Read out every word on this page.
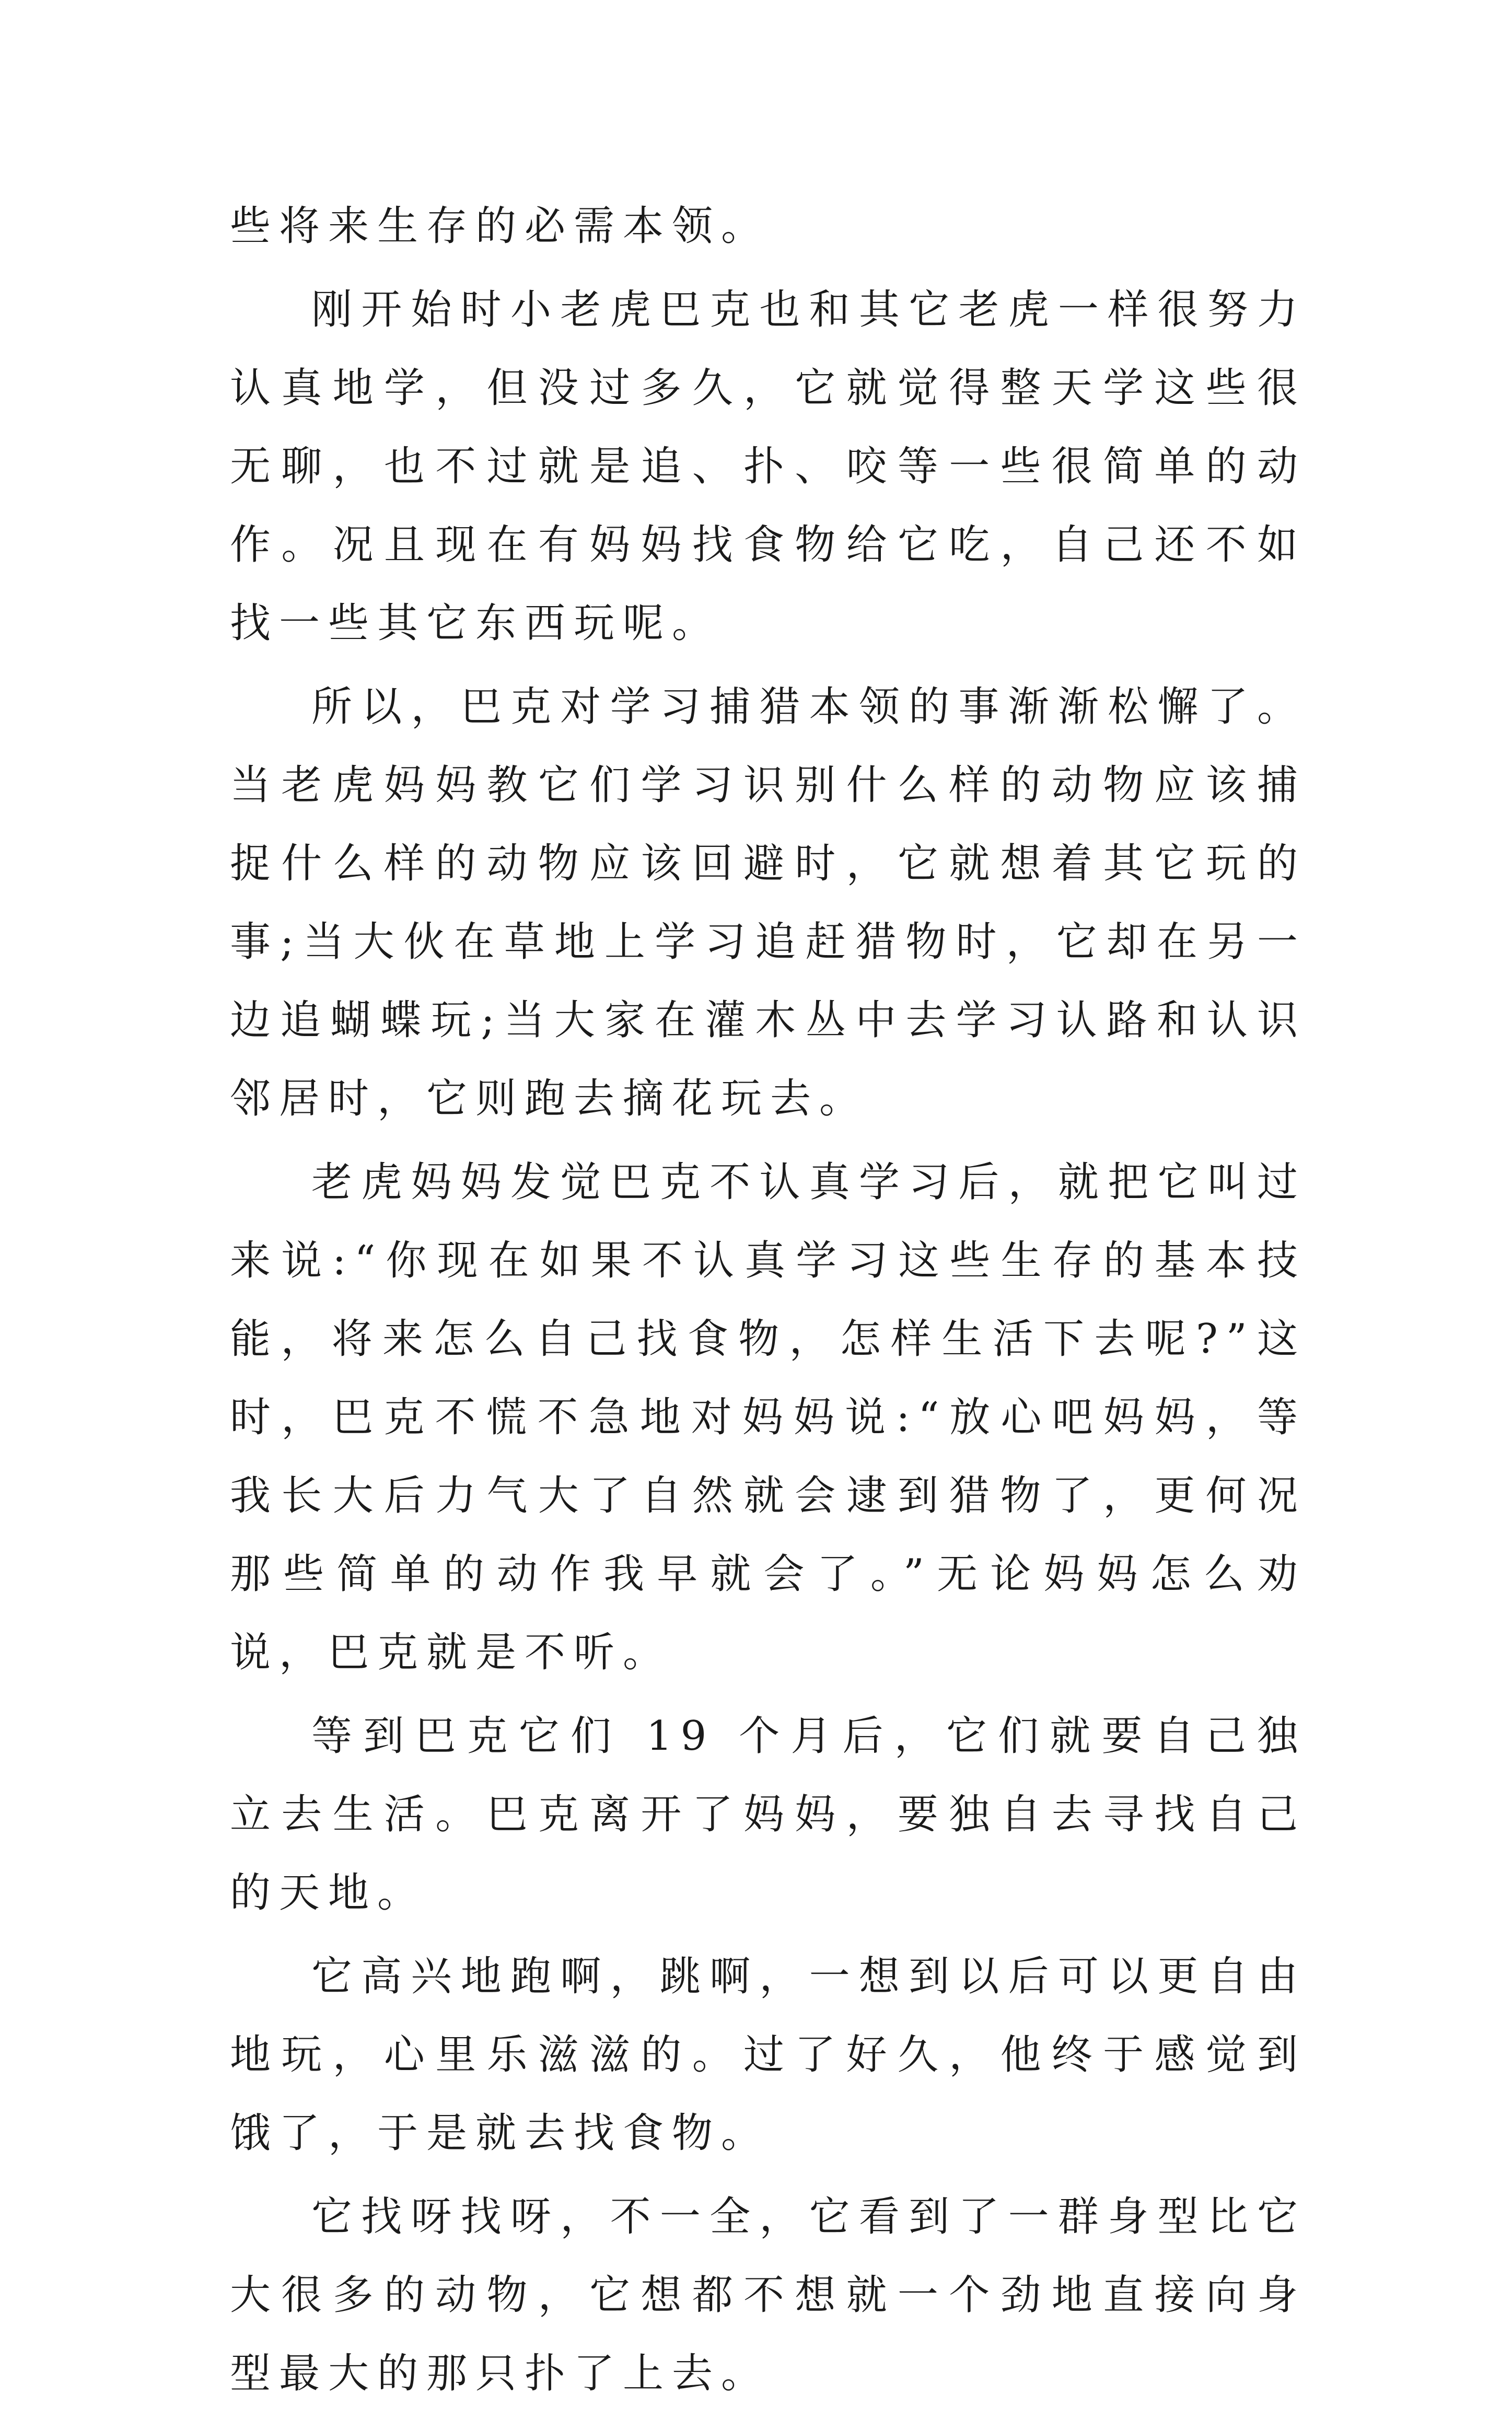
些将来生存的必需本领。

刚开始时小老虎巴克也和其它老虎一样很努力认真地学，但没过多久，它就觉得整天学这些很无聊，也不过就是追、扑、咬等一些很简单的动作。况且现在有妈妈找食物给它吃，自己还不如找一些其它东西玩呢。

所以，巴克对学习捕猎本领的事渐渐松懈了。当老虎妈妈教它们学习识别什么样的动物应该捕捉什么样的动物应该回避时，它就想着其它玩的事;当大伙在草地上学习追赶猎物时，它却在另一边追蝴蝶玩;当大家在灌木丛中去学习认路和认识邻居时，它则跑去摘花玩去。

老虎妈妈发觉巴克不认真学习后，就把它叫过来说:“你现在如果不认真学习这些生存的基本技能，将来怎么自己找食物，怎样生活下去呢?”这时，巴克不慌不急地对妈妈说:“放心吧妈妈，等我长大后力气大了自然就会逮到猎物了，更何况那些简单的动作我早就会了。”无论妈妈怎么劝说，巴克就是不听。

等到巴克它们 19 个月后，它们就要自己独立去生活。巴克离开了妈妈，要独自去寻找自己的天地。

它高兴地跑啊，跳啊，一想到以后可以更自由地玩，心里乐滋滋的。过了好久，他终于感觉到饿了，于是就去找食物。

它找呀找呀，不一全，它看到了一群身型比它大很多的动物，它想都不想就一个劲地直接向身型最大的那只扑了上去。
